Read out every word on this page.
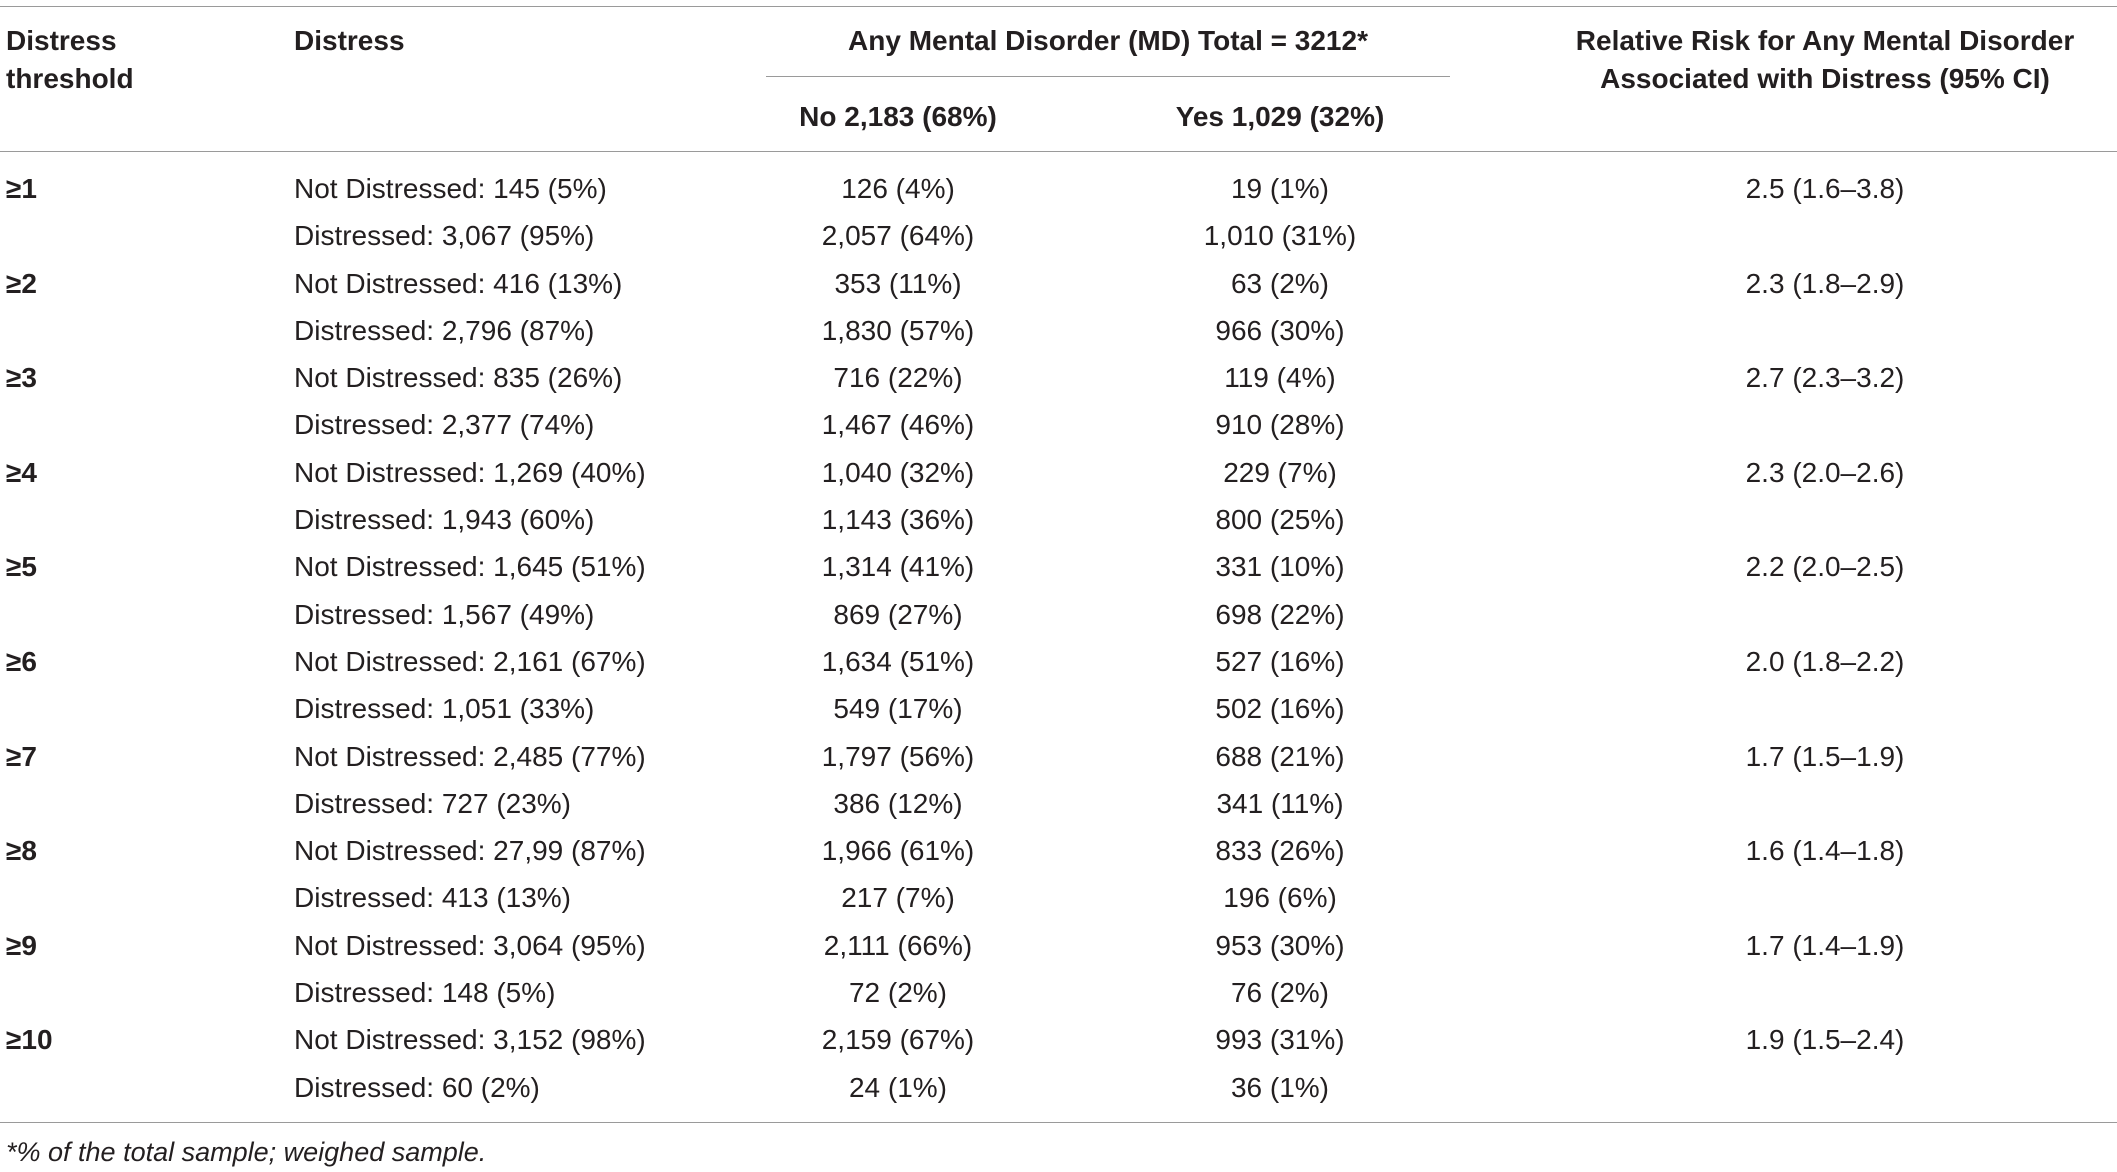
Distress threshold
Distress	Any Mental Disorder (MD) Total = 3212*
No 2,183 (68%)	Yes 1,029 (32%)
Relative Risk for Any Mental Disorder Associated with Distress (95% CI)
≥1	Not Distressed: 145 (5%)	126 (4%)	19 (1%)	2.5 (1.6–3.8)
Distressed: 3,067 (95%)	2,057 (64%)	1,010 (31%)
≥2	Not Distressed: 416 (13%)	353 (11%)	63 (2%)	2.3 (1.8–2.9)
Distressed: 2,796 (87%)	1,830 (57%)	966 (30%)
≥3	Not Distressed: 835 (26%)	716 (22%)	119 (4%)	2.7 (2.3–3.2)
Distressed: 2,377 (74%)	1,467 (46%)	910 (28%)
≥4	Not Distressed: 1,269 (40%)	1,040 (32%)	229 (7%)	2.3 (2.0–2.6)
Distressed: 1,943 (60%)	1,143 (36%)	800 (25%)
≥5	Not Distressed: 1,645 (51%)	1,314 (41%)	331 (10%)	2.2 (2.0–2.5)
Distressed: 1,567 (49%)	869 (27%)	698 (22%)
≥6	Not Distressed: 2,161 (67%)	1,634 (51%)	527 (16%)	2.0 (1.8–2.2)
Distressed: 1,051 (33%)	549 (17%)	502 (16%)
≥7	Not Distressed: 2,485 (77%)	1,797 (56%)	688 (21%)	1.7 (1.5–1.9)
Distressed: 727 (23%)	386 (12%)	341 (11%)
≥8	Not Distressed: 27,99 (87%)	1,966 (61%)	833 (26%)	1.6 (1.4–1.8)
Distressed: 413 (13%)	217 (7%)	196 (6%)
≥9	Not Distressed: 3,064 (95%)	2,111 (66%)	953 (30%)	1.7 (1.4–1.9)
Distressed: 148 (5%)	72 (2%)	76 (2%)
≥10	Not Distressed: 3,152 (98%)	2,159 (67%)	993 (31%)	1.9 (1.5–2.4)
Distressed: 60 (2%)	24 (1%)	36 (1%)
*% of the total sample; weighed sample.
